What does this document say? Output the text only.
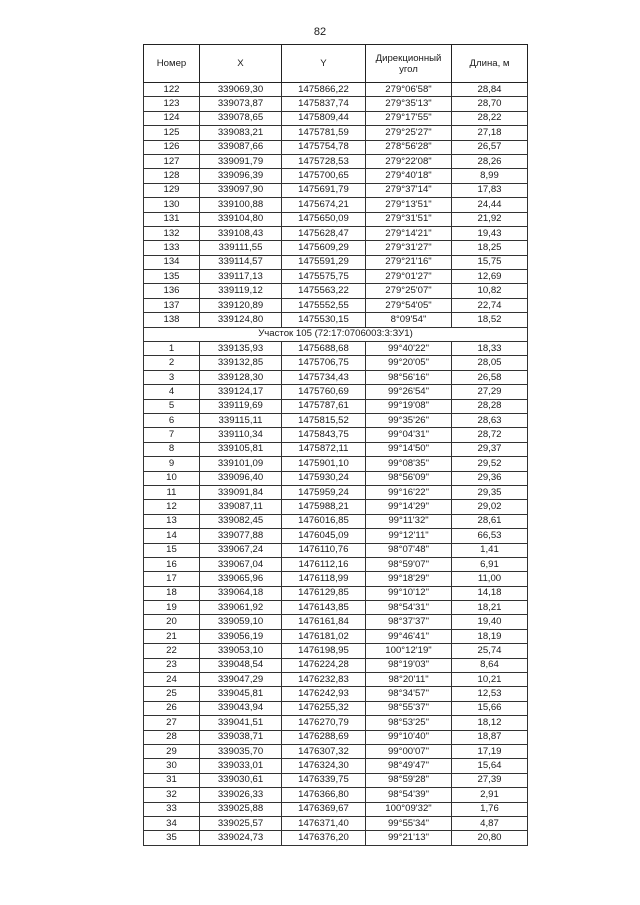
82
Номер	X	Y	Дирекционный угол	Длина, м
122	339069,30	1475866,22	279°06'58"	28,84
123	339073,87	1475837,74	279°35'13"	28,70
124	339078,65	1475809,44	279°17'55"	28,22
125	339083,21	1475781,59	279°25'27"	27,18
126	339087,66	1475754,78	278°56'28"	26,57
127	339091,79	1475728,53	279°22'08"	28,26
128	339096,39	1475700,65	279°40'18"	8,99
129	339097,90	1475691,79	279°37'14"	17,83
130	339100,88	1475674,21	279°13'51"	24,44
131	339104,80	1475650,09	279°31'51"	21,92
132	339108,43	1475628,47	279°14'21"	19,43
133	339111,55	1475609,29	279°31'27"	18,25
134	339114,57	1475591,29	279°21'16"	15,75
135	339117,13	1475575,75	279°01'27"	12,69
136	339119,12	1475563,22	279°25'07"	10,82
137	339120,89	1475552,55	279°54'05"	22,74
138	339124,80	1475530,15	8°09'54"	18,52
Участок 105 (72:17:0706003:3:ЗУ1)				
1	339135,93	1475688,68	99°40'22"	18,33
2	339132,85	1475706,75	99°20'05"	28,05
3	339128,30	1475734,43	98°56'16"	26,58
4	339124,17	1475760,69	99°26'54"	27,29
5	339119,69	1475787,61	99°19'08"	28,28
6	339115,11	1475815,52	99°35'26"	28,63
7	339110,34	1475843,75	99°04'31"	28,72
8	339105,81	1475872,11	99°14'50"	29,37
9	339101,09	1475901,10	99°08'35"	29,52
10	339096,40	1475930,24	98°56'09"	29,36
11	339091,84	1475959,24	99°16'22"	29,35
12	339087,11	1475988,21	99°14'29"	29,02
13	339082,45	1476016,85	99°11'32"	28,61
14	339077,88	1476045,09	99°12'11"	66,53
15	339067,24	1476110,76	98°07'48"	1,41
16	339067,04	1476112,16	98°59'07"	6,91
17	339065,96	1476118,99	99°18'29"	11,00
18	339064,18	1476129,85	99°10'12"	14,18
19	339061,92	1476143,85	98°54'31"	18,21
20	339059,10	1476161,84	98°37'37"	19,40
21	339056,19	1476181,02	99°46'41"	18,19
22	339053,10	1476198,95	100°12'19"	25,74
23	339048,54	1476224,28	98°19'03"	8,64
24	339047,29	1476232,83	98°20'11"	10,21
25	339045,81	1476242,93	98°34'57"	12,53
26	339043,94	1476255,32	98°55'37"	15,66
27	339041,51	1476270,79	98°53'25"	18,12
28	339038,71	1476288,69	99°10'40"	18,87
29	339035,70	1476307,32	99°00'07"	17,19
30	339033,01	1476324,30	98°49'47"	15,64
31	339030,61	1476339,75	98°59'28"	27,39
32	339026,33	1476366,80	98°54'39"	2,91
33	339025,88	1476369,67	100°09'32"	1,76
34	339025,57	1476371,40	99°55'34"	4,87
35	339024,73	1476376,20	99°21'13"	20,80
